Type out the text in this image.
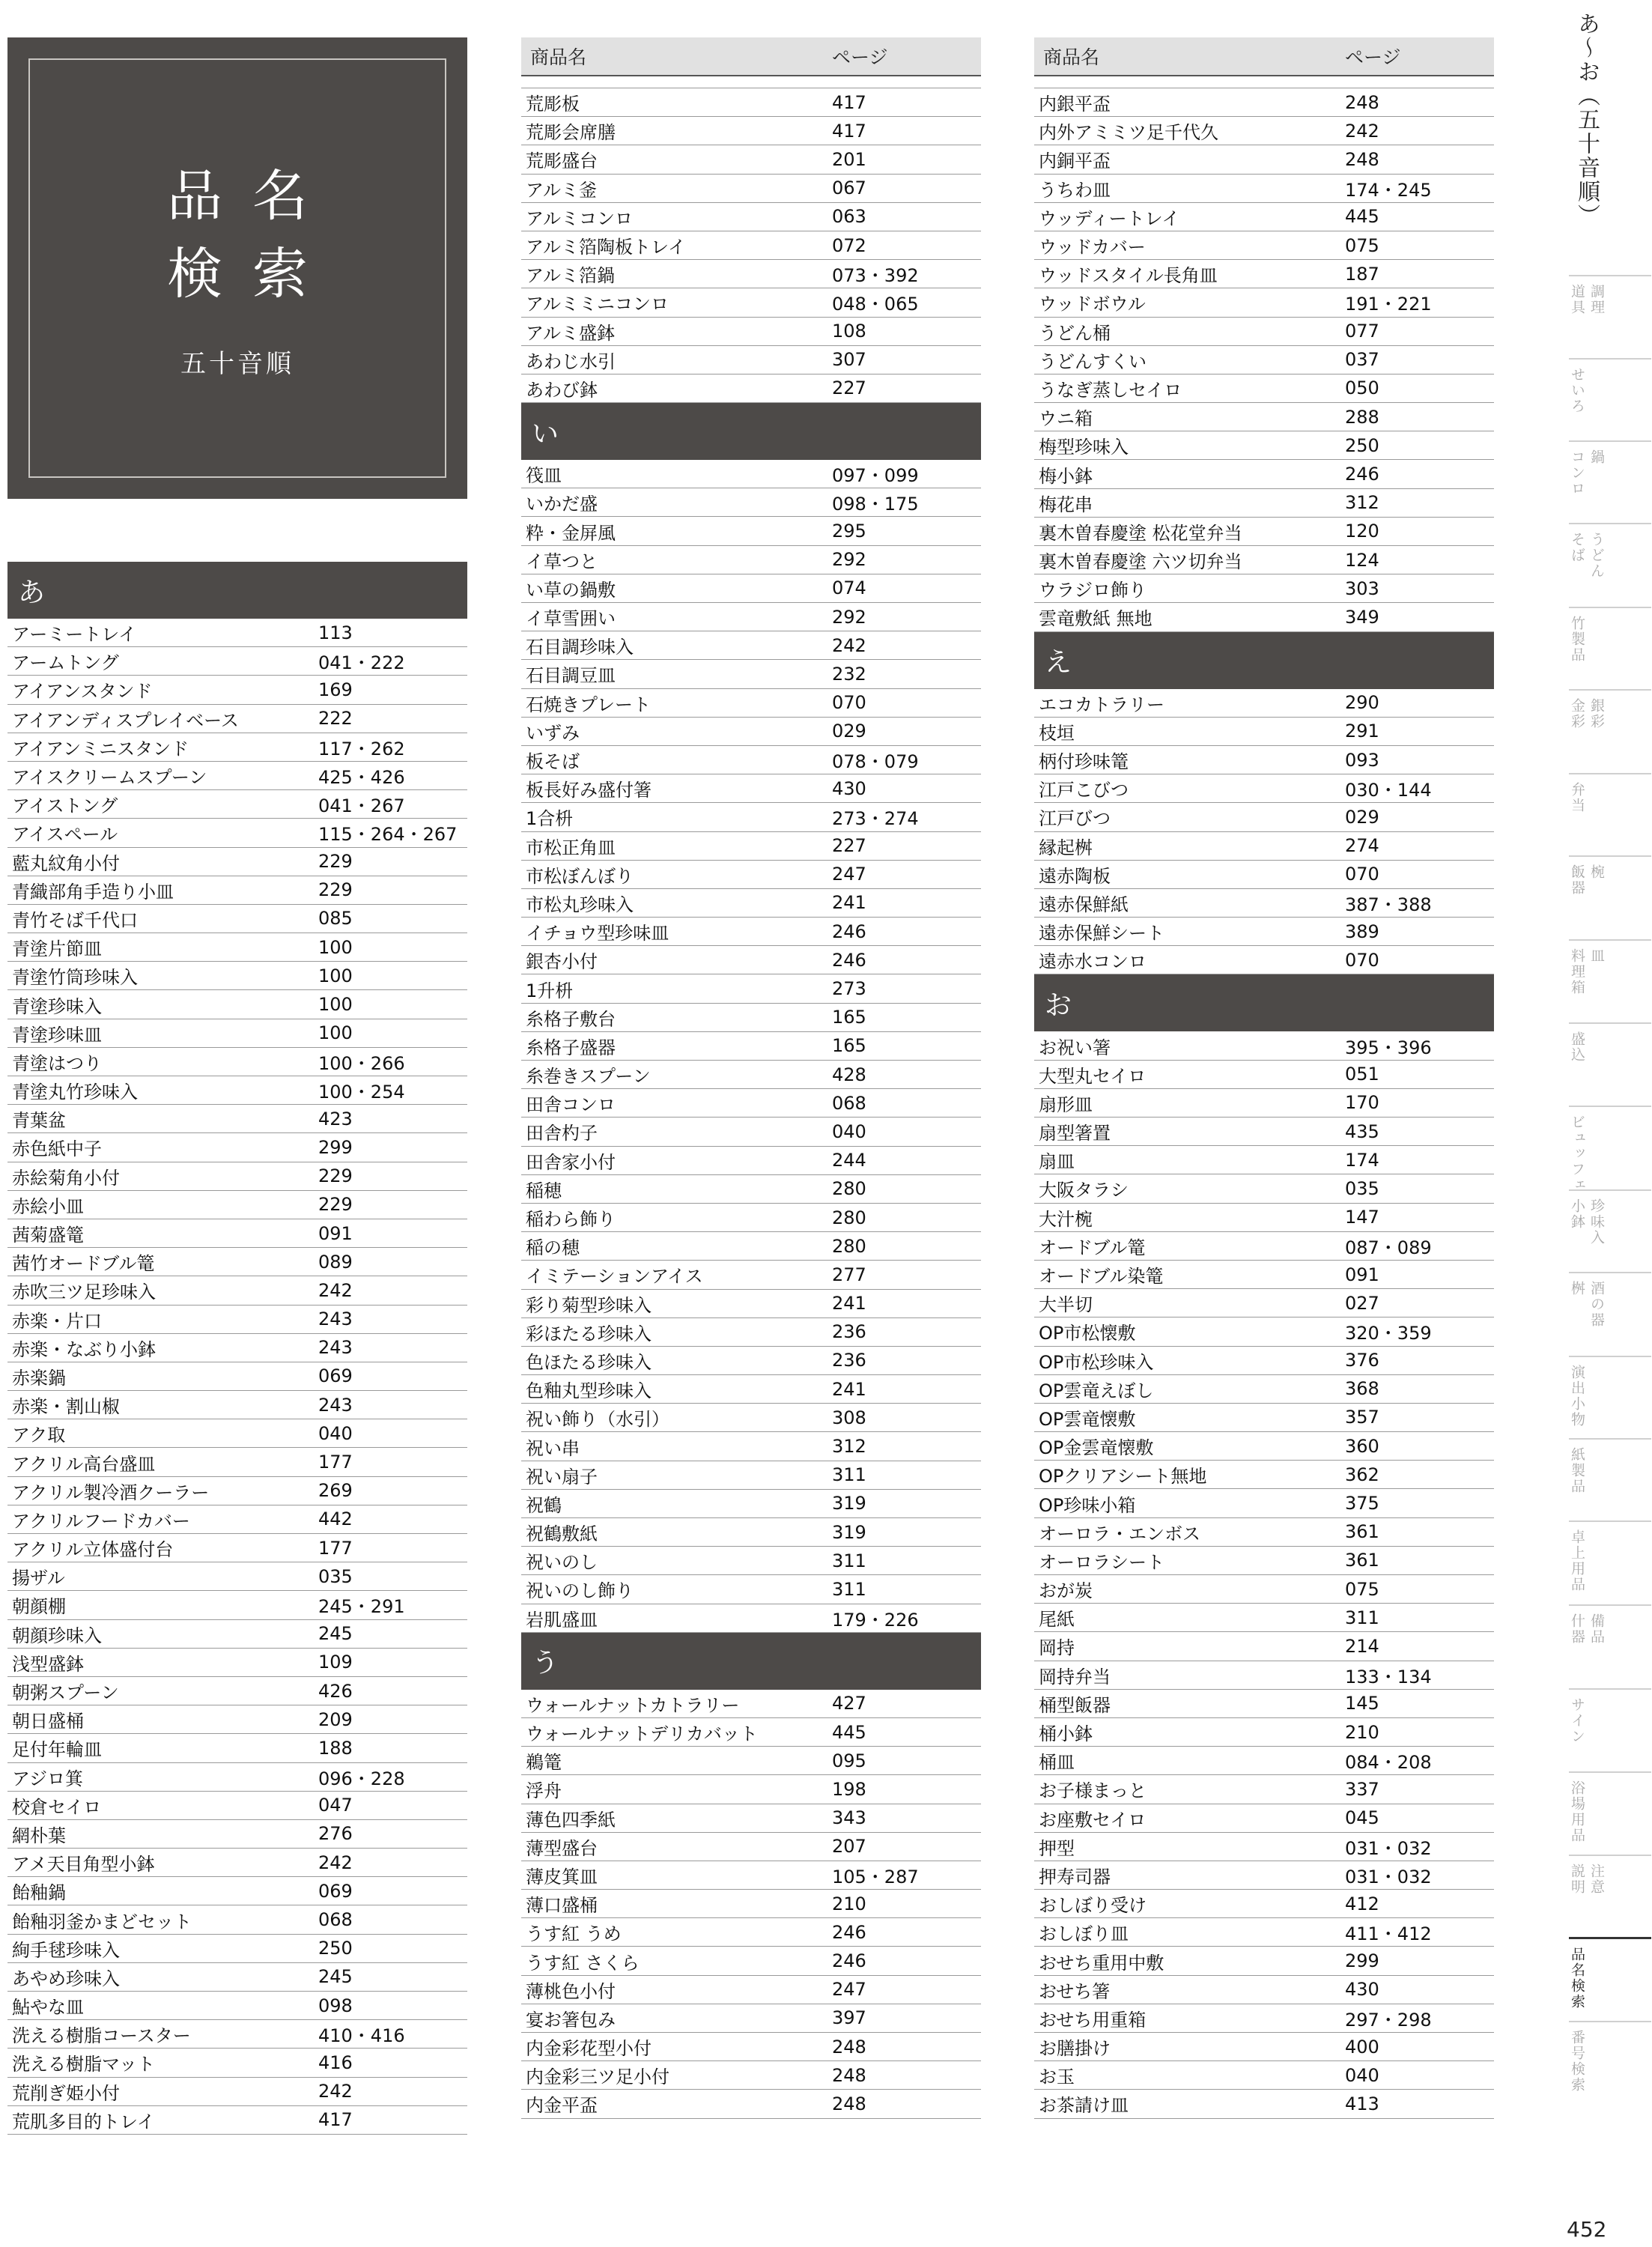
品名
検索
五十音順
あ
アーミートレイ	113
アームトング	041・222
アイアンスタンド	169
アイアンディスプレイベース	222
アイアンミニスタンド	117・262
アイスクリームスプーン	425・426
アイストング	041・267
アイスペール	115・264・267
藍丸紋角小付	229
青織部角手造り小皿	229
青竹そば千代口	085
青塗片節皿	100
青塗竹筒珍味入	100
青塗珍味入	100
青塗珍味皿	100
青塗はつり	100・266
青塗丸竹珍味入	100・254
青葉盆	423
赤色紙中子	299
赤絵菊角小付	229
赤絵小皿	229
茜菊盛篭	091
茜竹オードブル篭	089
赤吹三ツ足珍味入	242
赤楽・片口	243
赤楽・なぶり小鉢	243
赤楽鍋	069
赤楽・割山椒	243
アク取	040
アクリル高台盛皿	177
アクリル製冷酒クーラー	269
アクリルフードカバー	442
アクリル立体盛付台	177
揚ザル	035
朝顔棚	245・291
朝顔珍味入	245
浅型盛鉢	109
朝粥スプーン	426
朝日盛桶	209
足付年輪皿	188
アジロ箕	096・228
校倉セイロ	047
網朴葉	276
アメ天目角型小鉢	242
飴釉鍋	069
飴釉羽釜かまどセット	068
絢手毬珍味入	250
あやめ珍味入	245
鮎やな皿	098
洗える樹脂コースター	410・416
洗える樹脂マット	416
荒削ぎ姫小付	242
荒肌多目的トレイ	417
商品名	ページ
荒彫板	417
荒彫会席膳	417
荒彫盛台	201
アルミ釜	067
アルミコンロ	063
アルミ箔陶板トレイ	072
アルミ箔鍋	073・392
アルミミニコンロ	048・065
アルミ盛鉢	108
あわじ水引	307
あわび鉢	227
い
筏皿	097・099
いかだ盛	098・175
粋・金屏風	295
イ草つと	292
い草の鍋敷	074
イ草雪囲い	292
石目調珍味入	242
石目調豆皿	232
石焼きプレート	070
いずみ	029
板そば	078・079
板長好み盛付箸	430
1合枡	273・274
市松正角皿	227
市松ぼんぼり	247
市松丸珍味入	241
イチョウ型珍味皿	246
銀杏小付	246
1升枡	273
糸格子敷台	165
糸格子盛器	165
糸巻きスプーン	428
田舎コンロ	068
田舎杓子	040
田舎家小付	244
稲穂	280
稲わら飾り	280
稲の穂	280
イミテーションアイス	277
彩り菊型珍味入	241
彩ほたる珍味入	236
色ほたる珍味入	236
色釉丸型珍味入	241
祝い飾り（水引）	308
祝い串	312
祝い扇子	311
祝鶴	319
祝鶴敷紙	319
祝いのし	311
祝いのし飾り	311
岩肌盛皿	179・226
う
ウォールナットカトラリー	427
ウォールナットデリカバット	445
鵜篭	095
浮舟	198
薄色四季紙	343
薄型盛台	207
薄皮箕皿	105・287
薄口盛桶	210
うす紅 うめ	246
うす紅 さくら	246
薄桃色小付	247
宴お箸包み	397
内金彩花型小付	248
内金彩三ツ足小付	248
内金平盃	248
商品名	ページ
内銀平盃	248
内外アミミツ足千代久	242
内銅平盃	248
うちわ皿	174・245
ウッディートレイ	445
ウッドカバー	075
ウッドスタイル長角皿	187
ウッドボウル	191・221
うどん桶	077
うどんすくい	037
うなぎ蒸しセイロ	050
ウニ箱	288
梅型珍味入	250
梅小鉢	246
梅花串	312
裏木曽春慶塗 松花堂弁当	120
裏木曽春慶塗 六ツ切弁当	124
ウラジロ飾り	303
雲竜敷紙 無地	349
え
エコカトラリー	290
枝垣	291
柄付珍味篭	093
江戸こびつ	030・144
江戸びつ	029
縁起桝	274
遠赤陶板	070
遠赤保鮮紙	387・388
遠赤保鮮シート	389
遠赤水コンロ	070
お
お祝い箸	395・396
大型丸セイロ	051
扇形皿	170
扇型箸置	435
扇皿	174
大阪タラシ	035
大汁椀	147
オードブル篭	087・089
オードブル染篭	091
大半切	027
OP市松懐敷	320・359
OP市松珍味入	376
OP雲竜えぼし	368
OP雲竜懐敷	357
OP金雲竜懐敷	360
OPクリアシート無地	362
OP珍味小箱	375
オーロラ・エンボス	361
オーロラシート	361
おが炭	075
尾紙	311
岡持	214
岡持弁当	133・134
桶型飯器	145
桶小鉢	210
桶皿	084・208
お子様まっと	337
お座敷セイロ	045
押型	031・032
押寿司器	031・032
おしぼり受け	412
おしぼり皿	411・412
おせち重用中敷	299
おせち箸	430
おせち用重箱	297・298
お膳掛け	400
お玉	040
お茶請け皿	413
あ〜お（五十音順）
調理
道具
せいろ
鍋
コンロ
うどん
そば
竹製品
銀彩
金彩
弁当
椀
飯器
皿
料理箱
盛込
ビュッフェ
珍味入
小鉢
酒の器
桝
演出小物
紙製品
卓上用品
備品
什器
サイン
浴場用品
注意
説明
品名検索
番号検索
452
